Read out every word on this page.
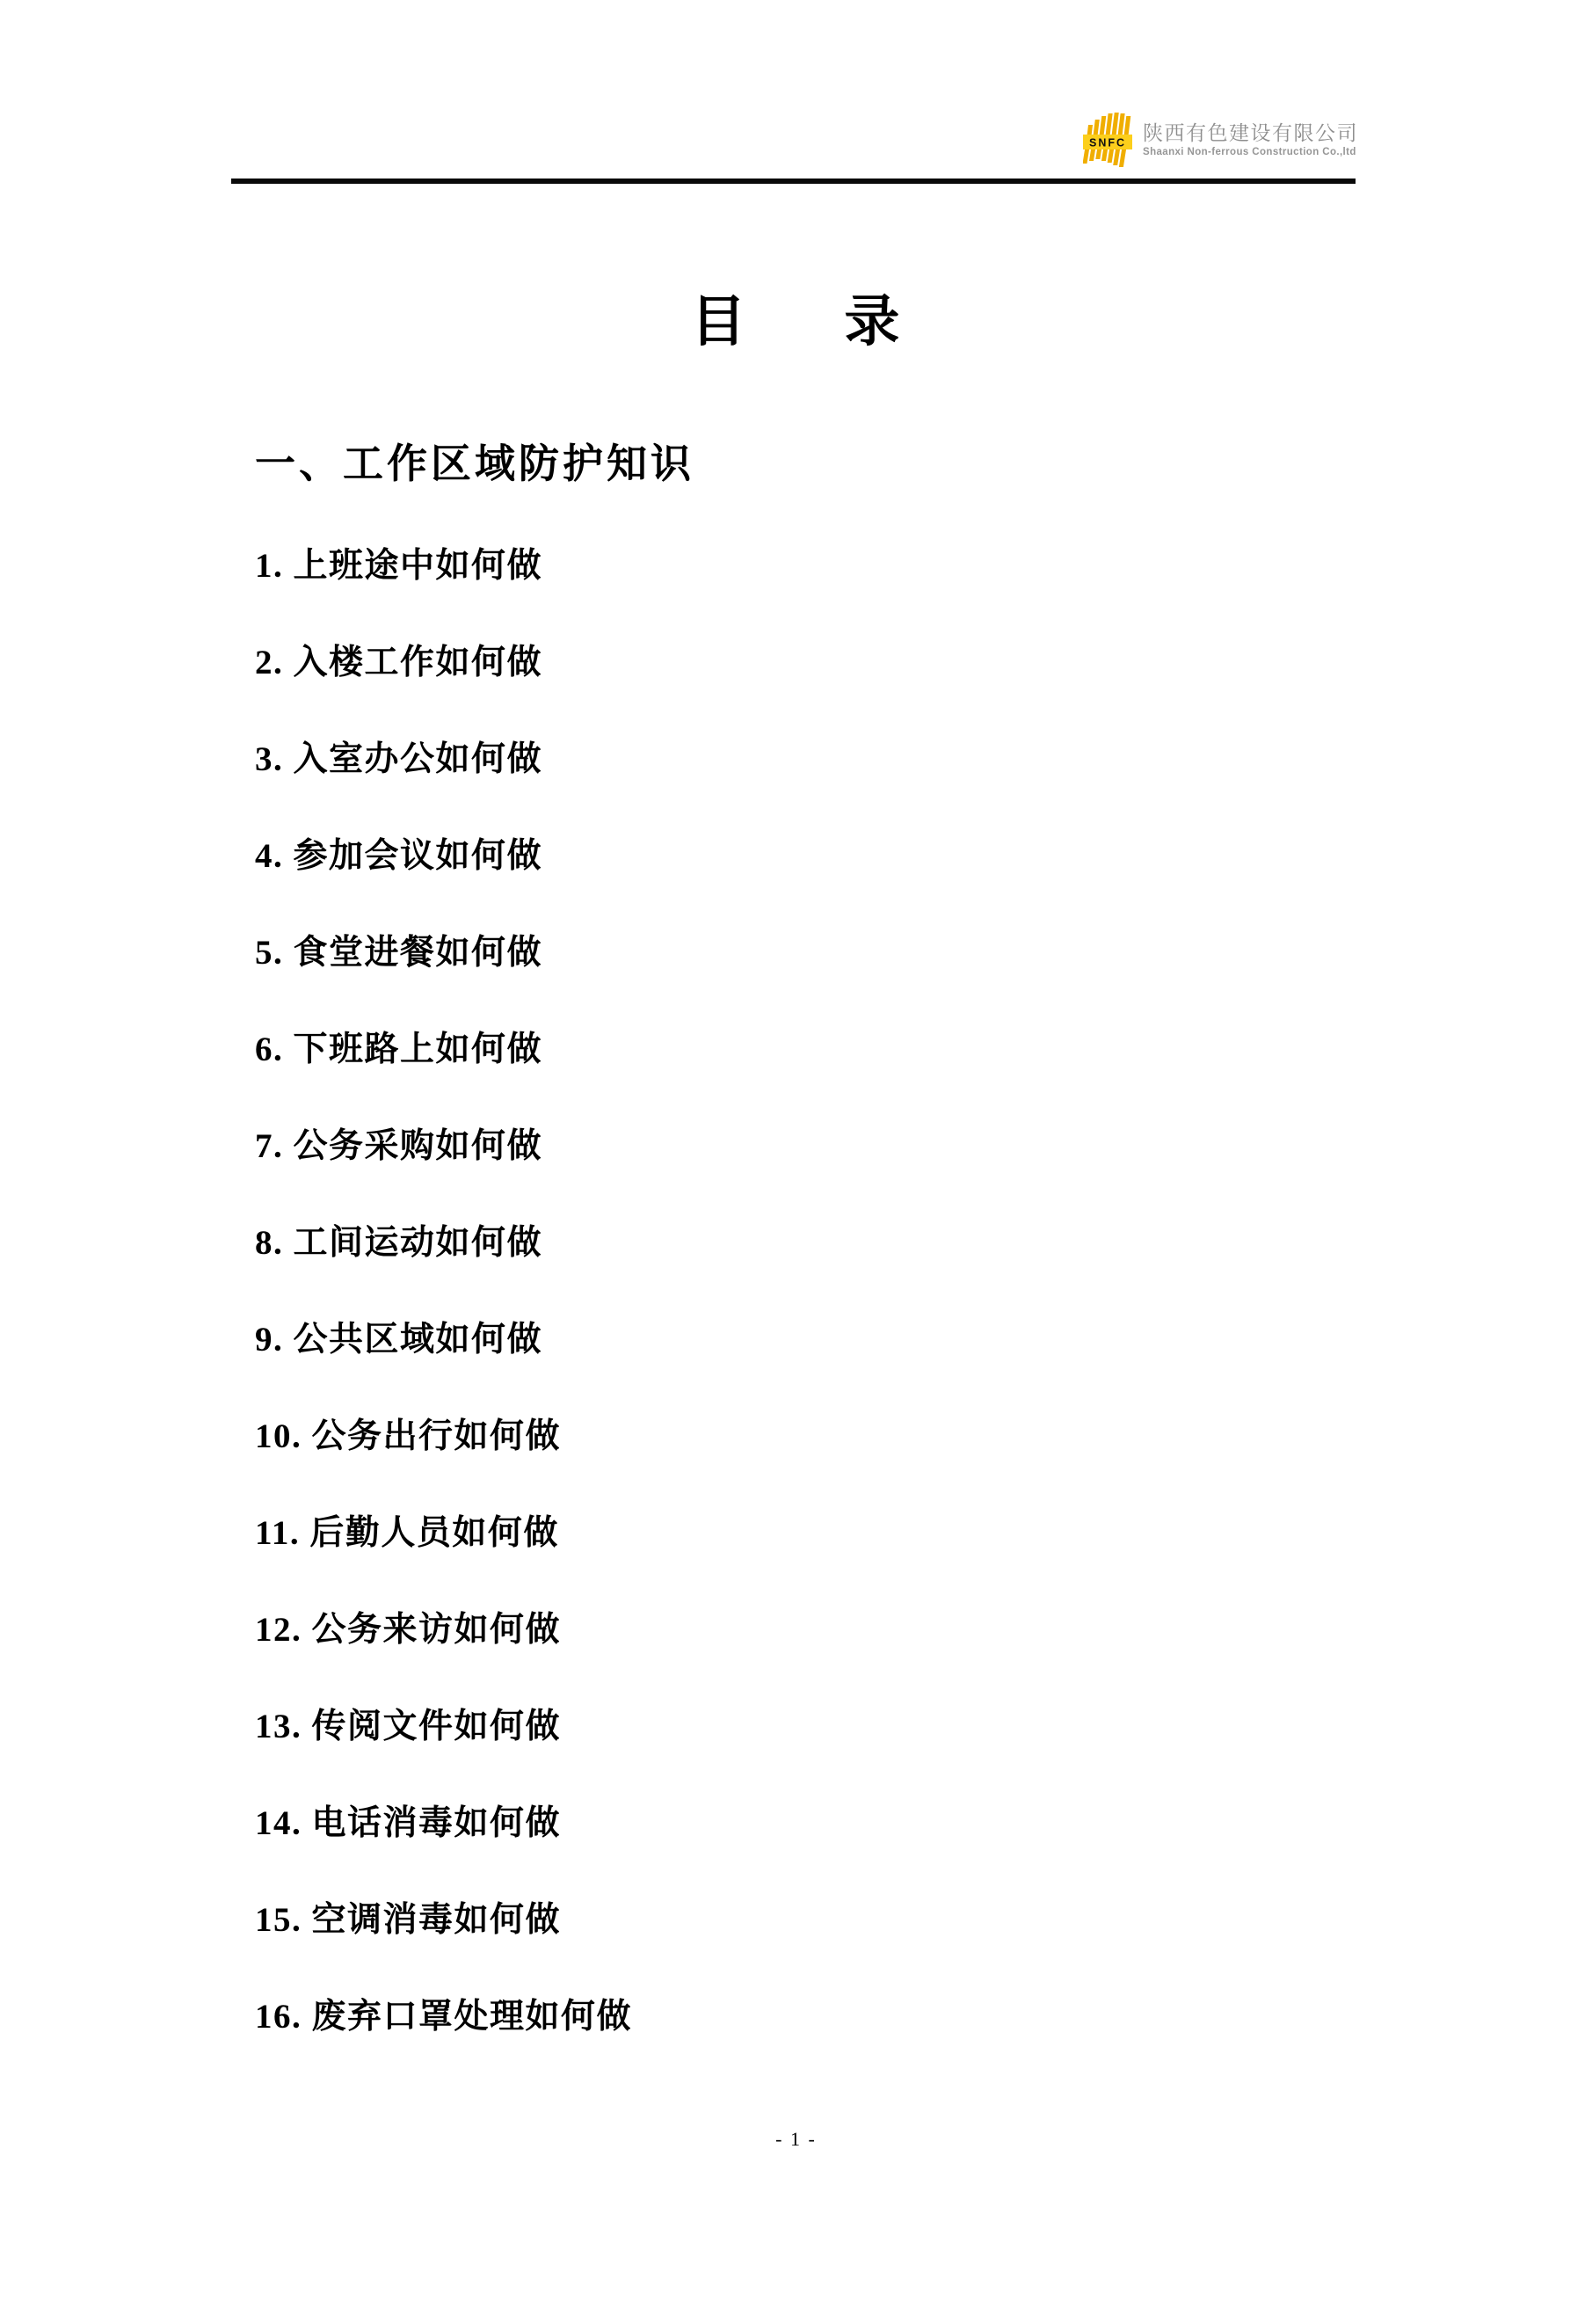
SNFC 陕西有色建设有限公司
Shaanxi Non-ferrous Construction Co.,ltd
目 录
一、工作区域防护知识
1. 上班途中如何做
2. 入楼工作如何做
3. 入室办公如何做
4. 参加会议如何做
5. 食堂进餐如何做
6. 下班路上如何做
7. 公务采购如何做
8. 工间运动如何做
9. 公共区域如何做
10. 公务出行如何做
11. 后勤人员如何做
12. 公务来访如何做
13. 传阅文件如何做
14. 电话消毒如何做
15. 空调消毒如何做
16. 废弃口罩处理如何做
- 1 -
